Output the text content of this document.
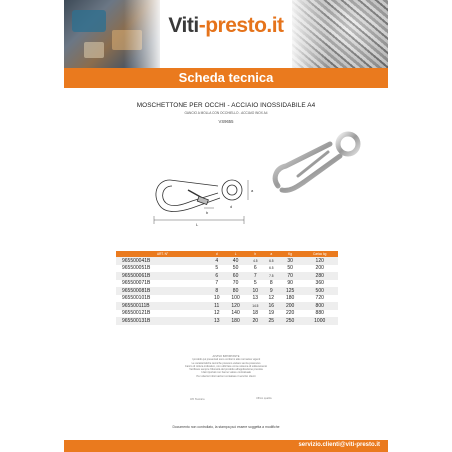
Viti-presto.it
Scheda tecnica
MOSCHETTONE PER OCCHI - ACCIAIO INOSSIDABILE A4
GANCIO A MOLLA CON OCCHIELLO - ACCIAIO INOX A4
VS9655
a
b
d
L
ART. N°	d	L	b	a	Kg	Carico kg
965500041B	4	40	4.5	6.5	30	120
965500051B	5	50	6	6.5	50	200
965500061B	6	60	7	7.5	70	280
965500071B	7	70	5	8	90	360
965500081B	8	80	10	9	125	500
965500101B	10	100	13	12	180	720
965500111B	11	120	14.5	16	200	800
965500121B	12	140	18	19	220	880
965500131B	13	180	20	25	250	1000
AVVISO IMPORTANTE
I prodotti qui presentati sono conformi alle normative vigenti
Le caratteristiche tecniche possono variare senza preavviso
Carico di rottura indicativo, non utilizzare come sistema di sollevamento
Verificare sempre l'idoneità del prodotto all'applicazione prevista
I dati riportati non hanno valore contrattuale
Per ulteriori informazioni contattare il servizio clienti
Uff. Tecnico	Ufficio qualità
Documento non controllato, la stampa può essere soggetta a modifiche
servizio.clienti@viti-presto.it
